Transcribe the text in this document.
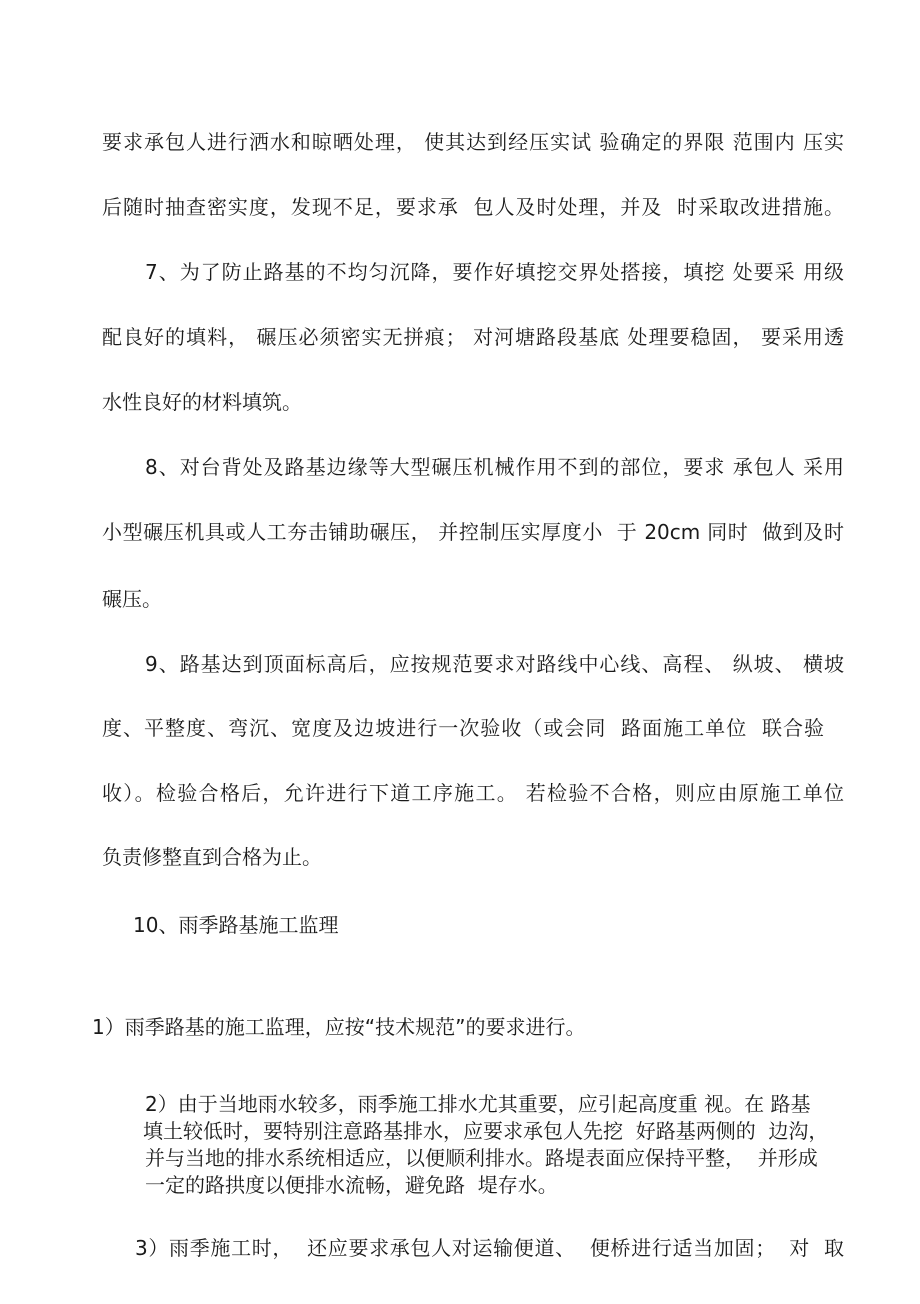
要求承包人进行洒水和晾晒处理， 使其达到经压实试 验确定的界限 范围内 压实
后随时抽查密实度，发现不足，要求承  包人及时处理，并及  时采取改进措施。
7、为了防止路基的不均匀沉降，要作好填挖交界处搭接，填挖 处要采 用级
配良好的填料， 碾压必须密实无拼痕； 对河塘路段基底 处理要稳固， 要采用透
水性良好的材料填筑。
8、对台背处及路基边缘等大型碾压机械作用不到的部位，要求 承包人 采用
小型碾压机具或人工夯击铺助碾压， 并控制压实厚度小  于 20cm 同时  做到及时
碾压。
9、路基达到顶面标高后，应按规范要求对路线中心线、高程、 纵坡、 横坡
度、平整度、弯沉、宽度及边坡进行一次验收（或会同  路面施工单位  联合验
收）。检验合格后，允许进行下道工序施工。 若检验不合格，则应由原施工单位
负责修整直到合格为止。
10、雨季路基施工监理
1）雨季路基的施工监理，应按“技术规范”的要求进行。
2）由于当地雨水较多，雨季施工排水尤其重要，应引起高度重 视。在 路基
填土较低时，要特别注意路基排水，应要求承包人先挖  好路基两侧的  边沟，
并与当地的排水系统相适应，以便顺利排水。路堤表面应保持平整，  并形成
一定的路拱度以便排水流畅，避免路  堤存水。
3）雨季施工时，  还应要求承包人对运输便道、  便桥进行适当加固；  对  取
